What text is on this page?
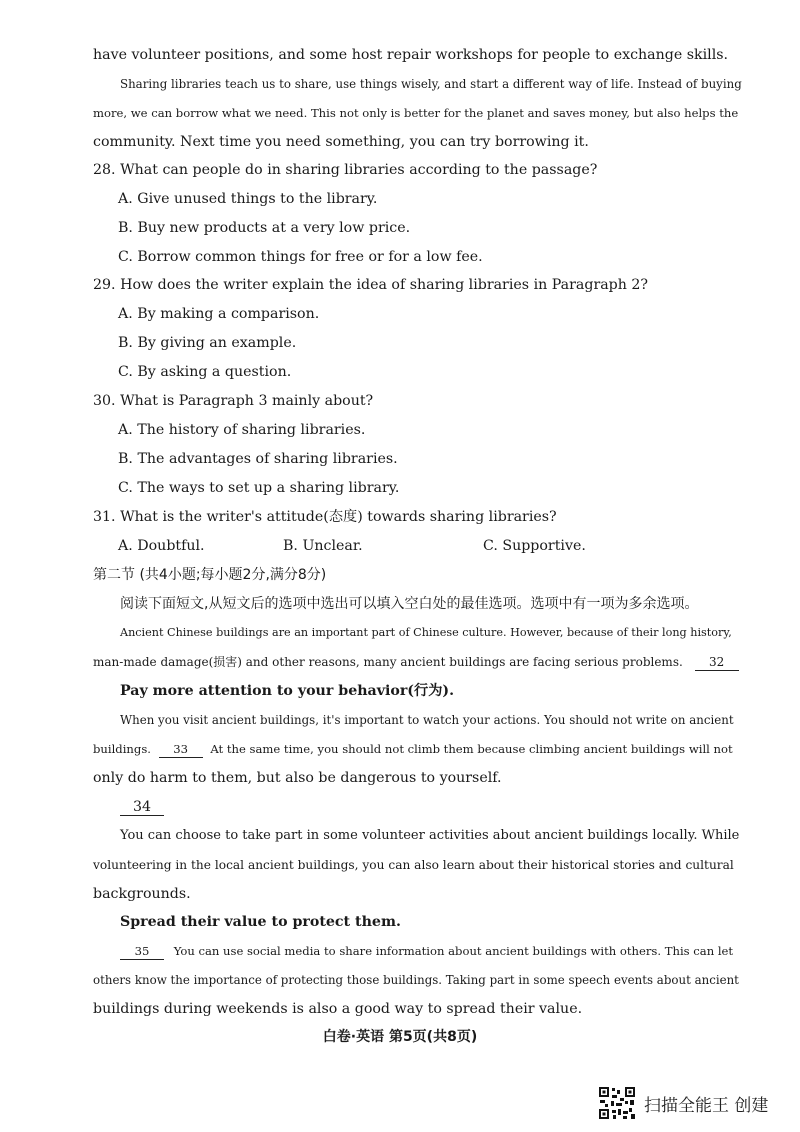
have volunteer positions, and some host repair workshops for people to exchange skills.
Sharing libraries teach us to share, use things wisely, and start a different way of life. Instead of buying
more, we can borrow what we need. This not only is better for the planet and saves money, but also helps the
community. Next time you need something, you can try borrowing it.
28. What can people do in sharing libraries according to the passage?
A. Give unused things to the library.
B. Buy new products at a very low price.
C. Borrow common things for free or for a low fee.
29. How does the writer explain the idea of sharing libraries in Paragraph 2?
A. By making a comparison.
B. By giving an example.
C. By asking a question.
30. What is Paragraph 3 mainly about?
A. The history of sharing libraries.
B. The advantages of sharing libraries.
C. The ways to set up a sharing library.
31. What is the writer's attitude(态度) towards sharing libraries?
A. Doubtful.	B. Unclear.	C. Supportive.
第二节 (共4小题;每小题2分,满分8分)
阅读下面短文,从短文后的选项中选出可以填入空白处的最佳选项。选项中有一项为多余选项。
Ancient Chinese buildings are an important part of Chinese culture. However, because of their long history,
man-made damage(损害) and other reasons, many ancient buildings are facing serious problems. 32
Pay more attention to your behavior(行为).
When you visit ancient buildings, it's important to watch your actions. You should not write on ancient
buildings. 33 At the same time, you should not climb them because climbing ancient buildings will not
only do harm to them, but also be dangerous to yourself.
34
You can choose to take part in some volunteer activities about ancient buildings locally. While
volunteering in the local ancient buildings, you can also learn about their historical stories and cultural
backgrounds.
Spread their value to protect them.
35 You can use social media to share information about ancient buildings with others. This can let
others know the importance of protecting those buildings. Taking part in some speech events about ancient
buildings during weekends is also a good way to spread their value.
白卷·英语 第5页(共8页)
扫描全能王 创建
